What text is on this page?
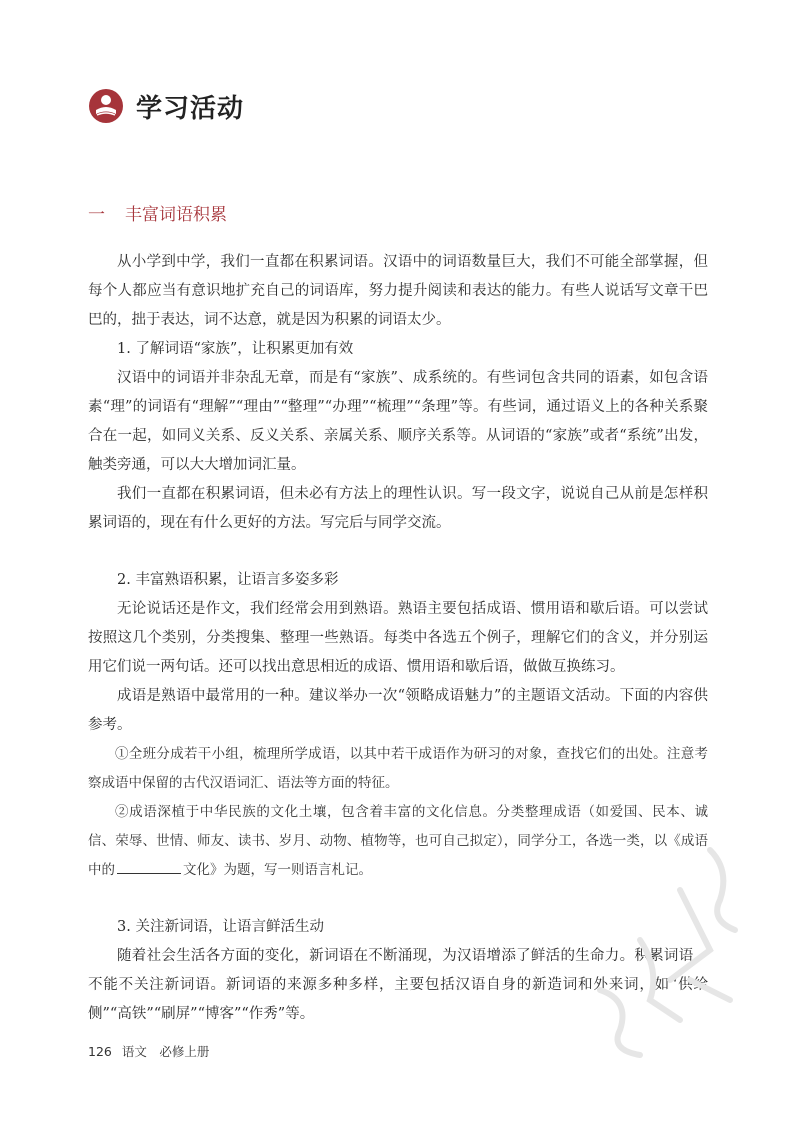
学习活动
一 丰富词语积累

从小学到中学，我们一直都在积累词语。汉语中的词语数量巨大，我们不可能全部掌握，但每个人都应当有意识地扩充自己的词语库，努力提升阅读和表达的能力。有些人说话写文章干巴巴的，拙于表达，词不达意，就是因为积累的词语太少。

1. 了解词语“家族”，让积累更加有效

汉语中的词语并非杂乱无章，而是有“家族”、成系统的。有些词包含共同的语素，如包含语素“理”的词语有“理解”“理由”“整理”“办理”“梳理”“条理”等。有些词，通过语义上的各种关系聚合在一起，如同义关系、反义关系、亲属关系、顺序关系等。从词语的“家族”或者“系统”出发，触类旁通，可以大大增加词汇量。

我们一直都在积累词语，但未必有方法上的理性认识。写一段文字，说说自己从前是怎样积累词语的，现在有什么更好的方法。写完后与同学交流。

2. 丰富熟语积累，让语言多姿多彩

无论说话还是作文，我们经常会用到熟语。熟语主要包括成语、惯用语和歇后语。可以尝试按照这几个类别，分类搜集、整理一些熟语。每类中各选五个例子，理解它们的含义，并分别运用它们说一两句话。还可以找出意思相近的成语、惯用语和歇后语，做做互换练习。

成语是熟语中最常用的一种。建议举办一次“领略成语魅力”的主题语文活动。下面的内容供参考。

①全班分成若干小组，梳理所学成语，以其中若干成语作为研习的对象，查找它们的出处。注意考察成语中保留的古代汉语词汇、语法等方面的特征。

②成语深植于中华民族的文化土壤，包含着丰富的文化信息。分类整理成语（如爱国、民本、诚信、荣辱、世情、师友、读书、岁月、动物、植物等，也可自己拟定），同学分工，各选一类，以《成语中的	文化》为题，写一则语言札记。

3. 关注新词语，让语言鲜活生动

随着社会生活各方面的变化，新词语在不断涌现，为汉语增添了鲜活的生命力。积累词语，不能不关注新词语。新词语的来源多种多样，主要包括汉语自身的新造词和外来词，如“供给侧”“高铁”“刷屏”“博客”“作秀”等。

126 语文　必修上册
